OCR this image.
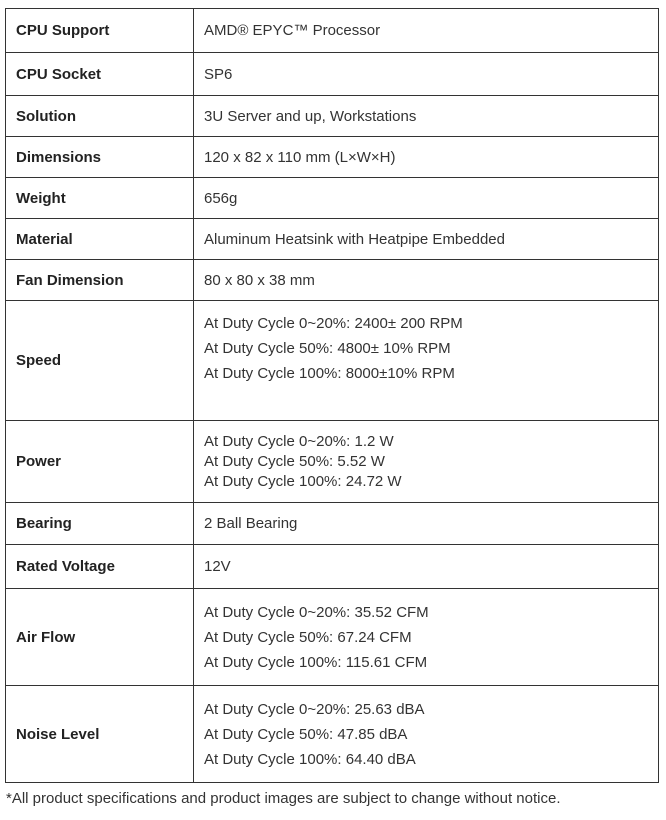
CPU Support	AMD® EPYC™ Processor

CPU Socket	SP6

Solution	3U Server and up, Workstations

Dimensions	120 x 82 x 110 mm (L×W×H)

Weight	656g

Material	Aluminum Heatsink with Heatpipe Embedded

Fan Dimension	80 x 80 x 38 mm

Speed	At Duty Cycle 0~20%: 2400± 200 RPM
At Duty Cycle 50%: 4800± 10% RPM
At Duty Cycle 100%: 8000±10% RPM

Power	At Duty Cycle 0~20%: 1.2 W
At Duty Cycle 50%: 5.52 W
At Duty Cycle 100%: 24.72 W

Bearing	2 Ball Bearing

Rated Voltage	12V

Air Flow	At Duty Cycle 0~20%: 35.52 CFM
At Duty Cycle 50%: 67.24 CFM
At Duty Cycle 100%: 115.61 CFM

Noise Level	At Duty Cycle 0~20%: 25.63 dBA
At Duty Cycle 50%: 47.85 dBA
At Duty Cycle 100%: 64.40 dBA
*All product specifications and product images are subject to change without notice.
